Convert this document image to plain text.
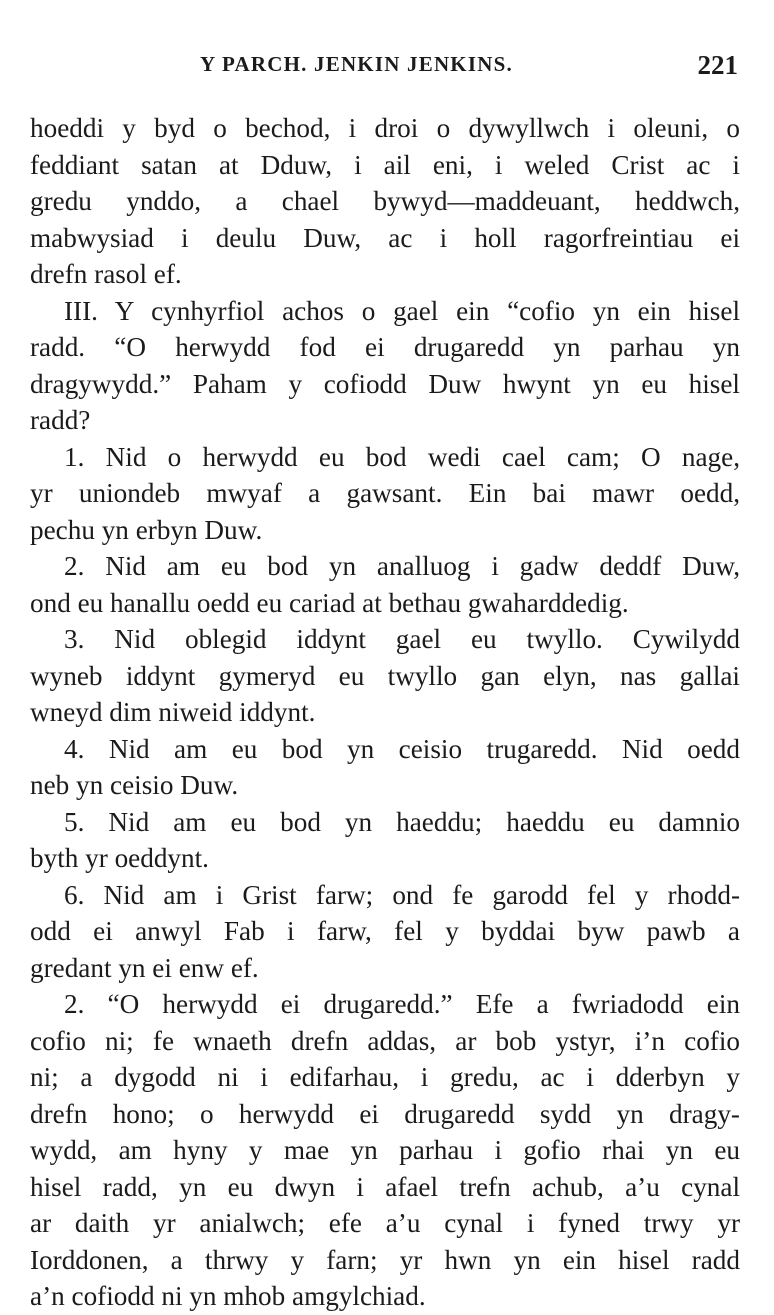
Y PARCH. JENKIN JENKINS.	221

hoeddi y byd o bechod, i droi o dywyllwch i oleuni, o
feddiant satan at Dduw, i ail eni, i weled Crist ac i
gredu ynddo, a chael bywyd—maddeuant, heddwch,
mabwysiad i deulu Duw, ac i holl ragorfreintiau ei
drefn rasol ef.

III. Y cynhyrfiol achos o gael ein “cofio yn ein hisel
radd. “O herwydd fod ei drugaredd yn parhau yn
dragywydd.” Paham y cofiodd Duw hwynt yn eu hisel
radd?

1. Nid o herwydd eu bod wedi cael cam; O nage,
yr uniondeb mwyaf a gawsant. Ein bai mawr oedd,
pechu yn erbyn Duw.

2. Nid am eu bod yn analluog i gadw deddf Duw,
ond eu hanallu oedd eu cariad at bethau gwaharddedig.

3. Nid oblegid iddynt gael eu twyllo. Cywilydd
wyneb iddynt gymeryd eu twyllo gan elyn, nas gallai
wneyd dim niweid iddynt.

4. Nid am eu bod yn ceisio trugaredd. Nid oedd
neb yn ceisio Duw.

5. Nid am eu bod yn haeddu; haeddu eu damnio
byth yr oeddynt.

6. Nid am i Grist farw; ond fe garodd fel y rhodd-
odd ei anwyl Fab i farw, fel y byddai byw pawb a
gredant yn ei enw ef.

2. “O herwydd ei drugaredd.” Efe a fwriadodd ein
cofio ni; fe wnaeth drefn addas, ar bob ystyr, i’n cofio
ni; a dygodd ni i edifarhau, i gredu, ac i dderbyn y
drefn hono; o herwydd ei drugaredd sydd yn dragy-
wydd, am hyny y mae yn parhau i gofio rhai yn eu
hisel radd, yn eu dwyn i afael trefn achub, a’u cynal
ar daith yr anialwch; efe a’u cynal i fyned trwy yr
Iorddonen, a thrwy y farn; yr hwn yn ein hisel radd
a’n cofiodd ni yn mhob amgylchiad.
